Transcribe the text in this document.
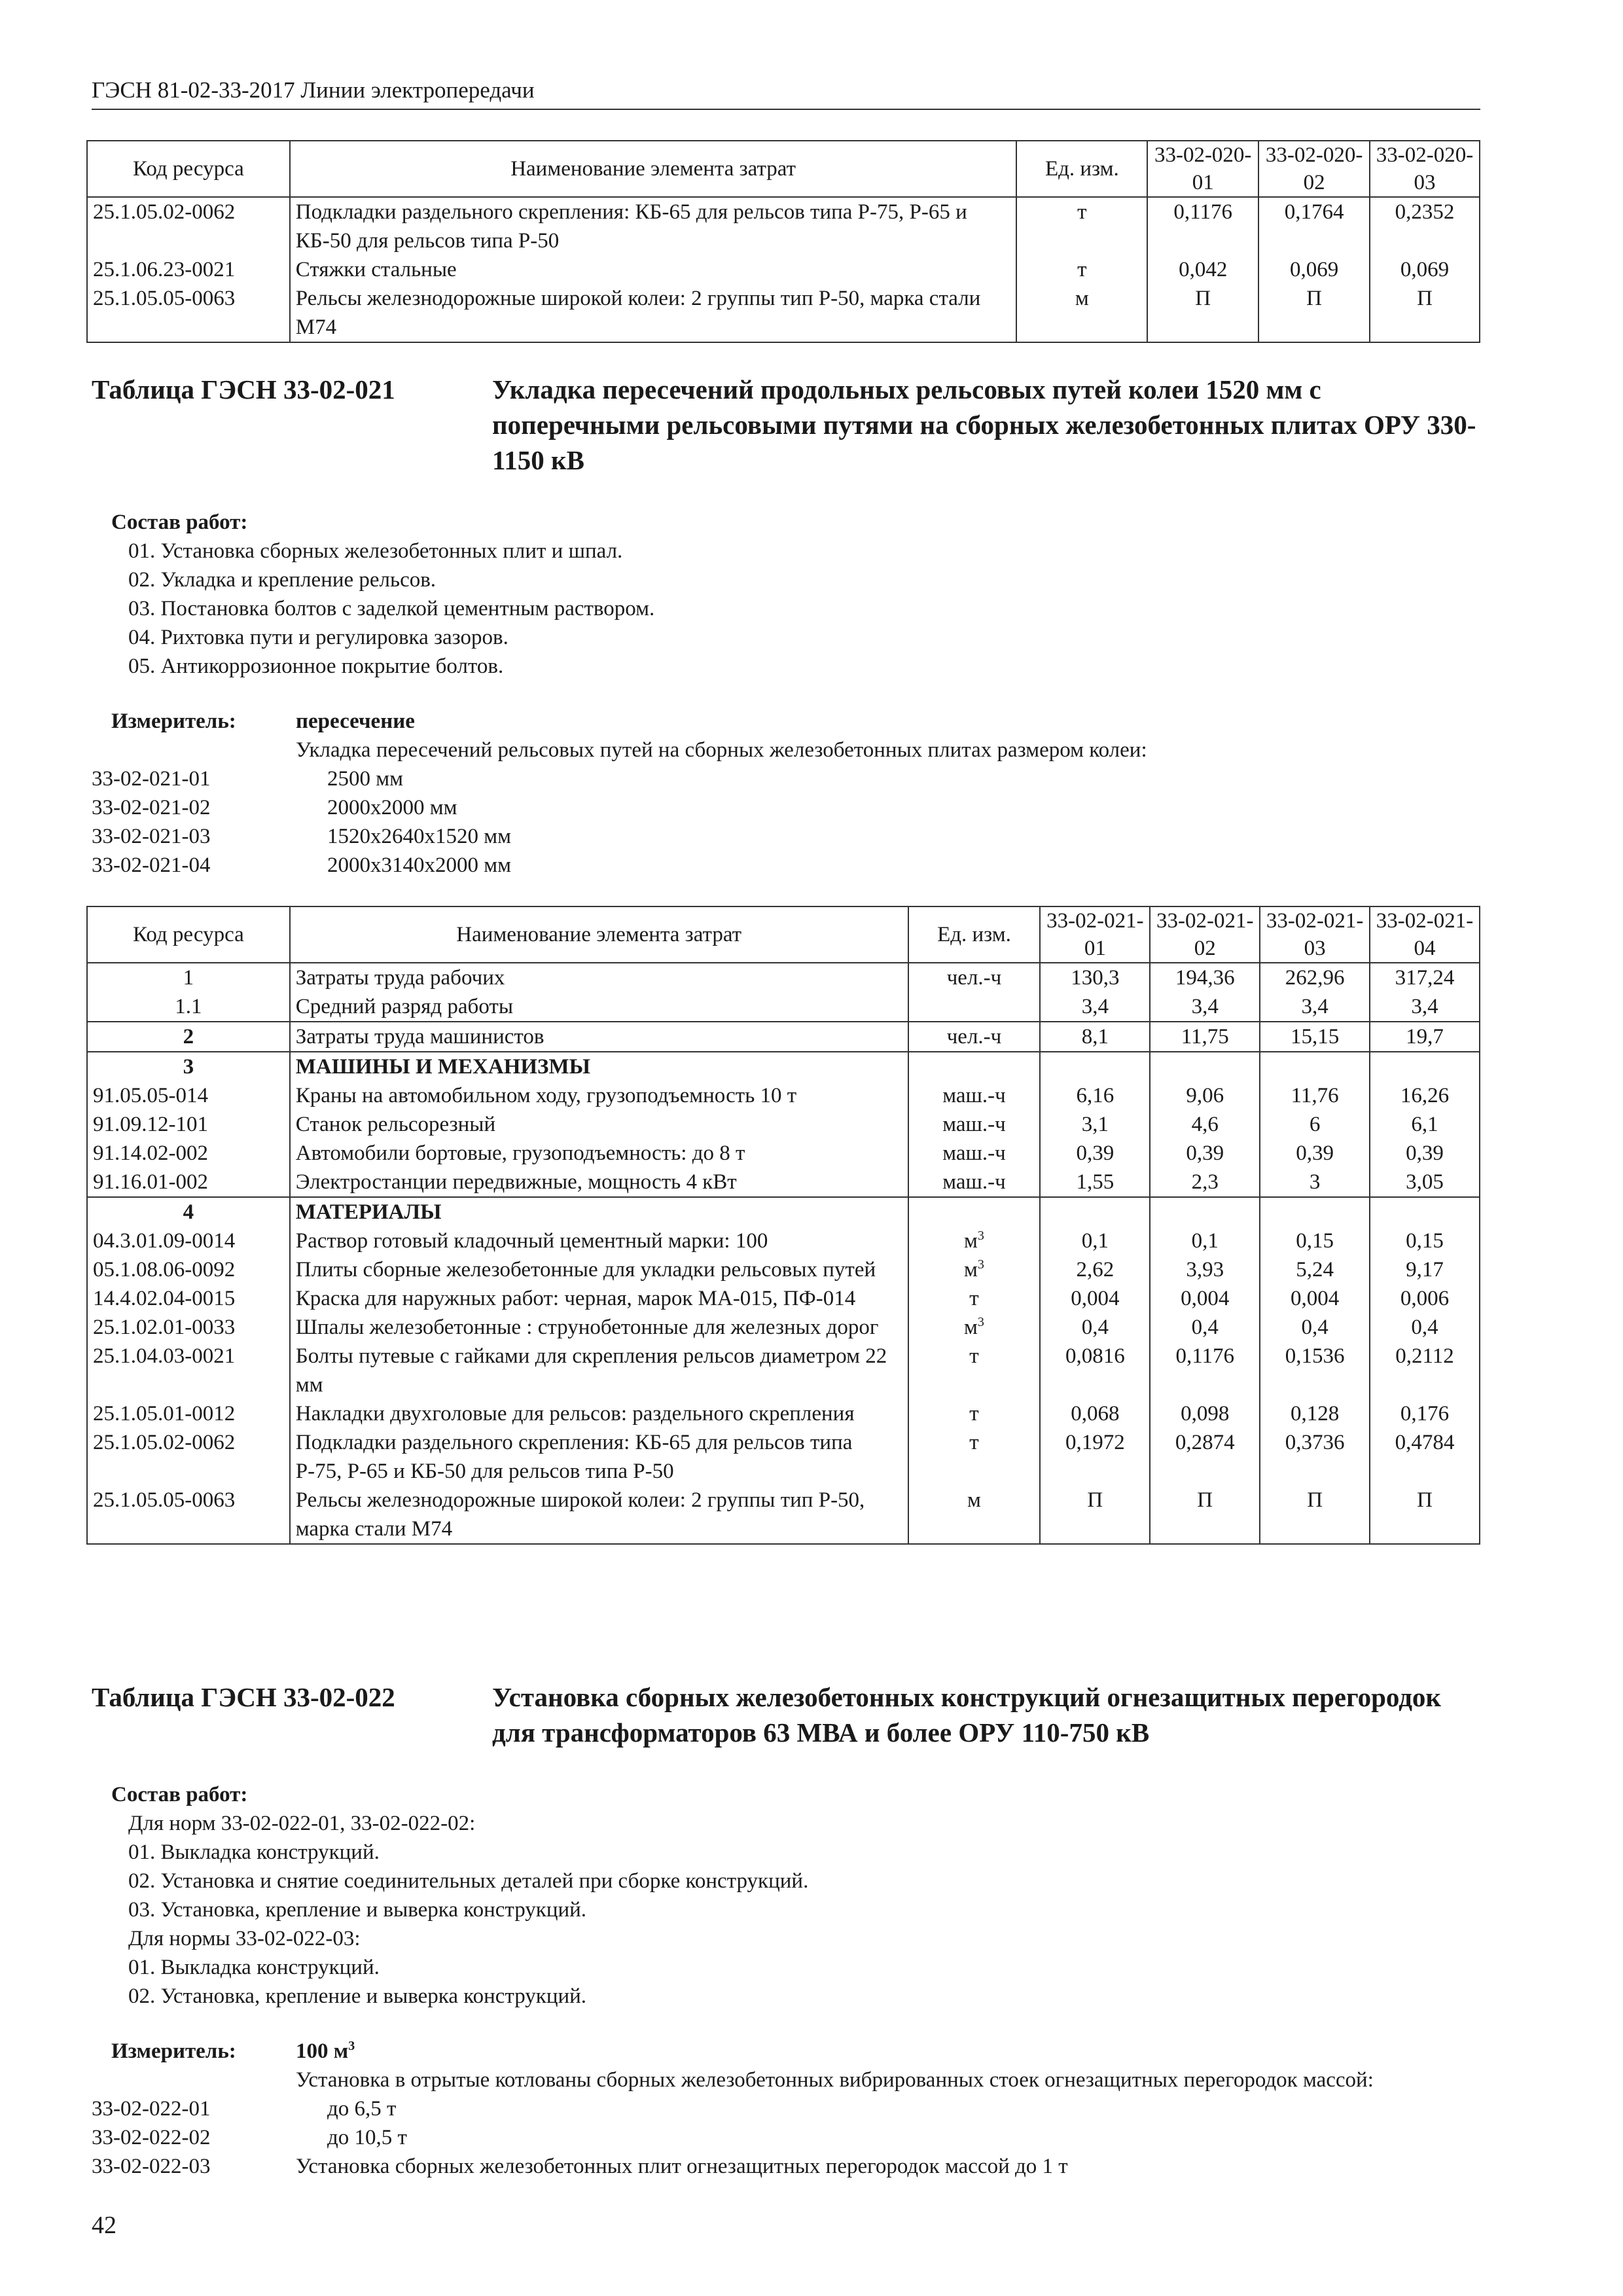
ГЭСН 81-02-33-2017 Линии электропередачи
Код ресурса	Наименование элемента затрат	Ед. изм.	33-02-020-01	33-02-020-02	33-02-020-03
25.1.05.02-0062	Подкладки раздельного скрепления: КБ-65 для рельсов типа Р-75, Р-65 и КБ-50 для рельсов типа Р-50	т	0,1176	0,1764	0,2352
25.1.06.23-0021	Стяжки стальные	т	0,042	0,069	0,069
25.1.05.05-0063	Рельсы железнодорожные широкой колеи: 2 группы тип Р-50, марка стали М74	м	П	П	П
Таблица ГЭСН 33-02-021	Укладка пересечений продольных рельсовых путей колеи 1520 мм с поперечными рельсовыми путями на сборных железобетонных плитах ОРУ 330-1150 кВ
Состав работ:
01. Установка сборных железобетонных плит и шпал.
02. Укладка и крепление рельсов.
03. Постановка болтов с заделкой цементным раствором.
04. Рихтовка пути и регулировка зазоров.
05. Антикоррозионное покрытие болтов.
Измеритель:	пересечение
Укладка пересечений рельсовых путей на сборных железобетонных плитах размером колеи:
33-02-021-01	2500 мм
33-02-021-02	2000х2000 мм
33-02-021-03	1520х2640х1520 мм
33-02-021-04	2000х3140х2000 мм
Код ресурса	Наименование элемента затрат	Ед. изм.	33-02-021-01	33-02-021-02	33-02-021-03	33-02-021-04
1	Затраты труда рабочих	чел.-ч	130,3	194,36	262,96	317,24
1.1	Средний разряд работы		3,4	3,4	3,4	3,4
2	Затраты труда машинистов	чел.-ч	8,1	11,75	15,15	19,7
3	МАШИНЫ И МЕХАНИЗМЫ					
91.05.05-014	Краны на автомобильном ходу, грузоподъемность 10 т	маш.-ч	6,16	9,06	11,76	16,26
91.09.12-101	Станок рельсорезный	маш.-ч	3,1	4,6	6	6,1
91.14.02-002	Автомобили бортовые, грузоподъемность: до 8 т	маш.-ч	0,39	0,39	0,39	0,39
91.16.01-002	Электростанции передвижные, мощность 4 кВт	маш.-ч	1,55	2,3	3	3,05
4	МАТЕРИАЛЫ					
04.3.01.09-0014	Раствор готовый кладочный цементный марки: 100	$м^3$	0,1	0,1	0,15	0,15
05.1.08.06-0092	Плиты сборные железобетонные для укладки рельсовых путей	$м^3$	2,62	3,93	5,24	9,17
14.4.02.04-0015	Краска для наружных работ: черная, марок МА-015, ПФ-014	т	0,004	0,004	0,004	0,006
25.1.02.01-0033	Шпалы железобетонные : струнобетонные для железных дорог	$м^3$	0,4	0,4	0,4	0,4
25.1.04.03-0021	Болты путевые с гайками для скрепления рельсов диаметром 22 мм	т	0,0816	0,1176	0,1536	0,2112
25.1.05.01-0012	Накладки двухголовые для рельсов: раздельного скрепления	т	0,068	0,098	0,128	0,176
25.1.05.02-0062	Подкладки раздельного скрепления: КБ-65 для рельсов типа Р-75, Р-65 и КБ-50 для рельсов типа Р-50	т	0,1972	0,2874	0,3736	0,4784
25.1.05.05-0063	Рельсы железнодорожные широкой колеи: 2 группы тип Р-50, марка стали М74	м	П	П	П	П
Таблица ГЭСН 33-02-022	Установка сборных железобетонных конструкций огнезащитных перегородок для трансформаторов 63 МВА и более ОРУ 110-750 кВ
Состав работ:
Для норм 33-02-022-01, 33-02-022-02:
01. Выкладка конструкций.
02. Установка и снятие соединительных деталей при сборке конструкций.
03. Установка, крепление и выверка конструкций.
Для нормы 33-02-022-03:
01. Выкладка конструкций.
02. Установка, крепление и выверка конструкций.
Измеритель:	100 $м^3$
Установка в отрытые котлованы сборных железобетонных вибрированных стоек огнезащитных перегородок массой:
33-02-022-01	до 6,5 т
33-02-022-02	до 10,5 т
33-02-022-03	Установка сборных железобетонных плит огнезащитных перегородок массой до 1 т
42
